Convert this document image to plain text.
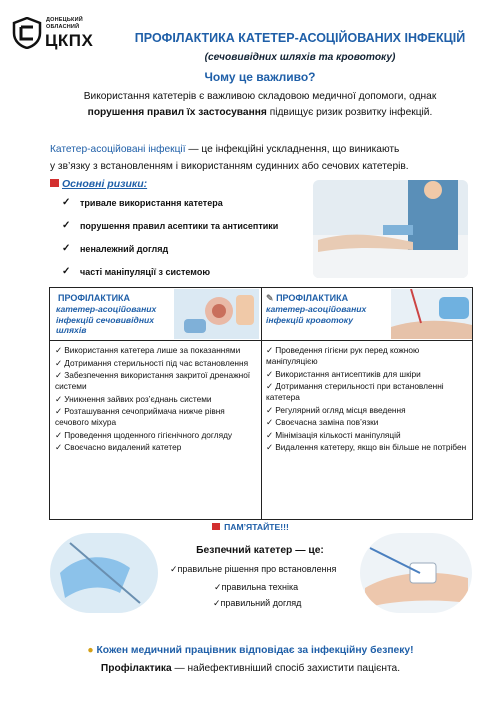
ДОНЕЦЬКИЙ
ОБЛАСНИЙ
ЦКПХ	ПРОФІЛАКТИКА КАТЕТЕР-АСОЦІЙОВАНИХ ІНФЕКЦІЙ
(сечовивідних шляхів та кровотоку)
Чому це важливо?
Використання катетерів є важливою складовою медичної допомоги, однак
порушення правил їх застосування підвищує ризик розвитку інфекцій.
Катетер-асоційовані інфекції — це інфекційні ускладнення, що виникають
у зв’язку з встановленням і використанням судинних або сечових катетерів.
Основні ризики:
✓ тривале використання катетера
✓ порушення правил асептики та антисептики
✓ неналежний догляд
✓ часті маніпуляції з системою
ПРОФІЛАКТИКА
катетер-асоційованих
інфекцій сечовивідних
шляхів
✎ ПРОФІЛАКТИКА
катетер-асоційованих
інфекцій кровотоку
✓ Використання катетера лише за показаннями
✓ Дотримання стерильності під час встановлення
✓ Забезпечення використання закритої дренажної системи
✓ Уникнення зайвих роз’єднань системи
✓ Розташування сечоприймача нижче рівня сечового міхура
✓ Проведення щоденного гігієнічного догляду
✓ Своєчасно видалений катетер
✓ Проведення гігієни рук перед кожною маніпуляцією
✓ Використання антисептиків для шкіри
✓ Дотримання стерильності при встановленні катетера
✓ Регулярний огляд місця введення
✓ Своєчасна заміна пов’язки
✓ Мінімізація кількості маніпуляцій
✓ Видалення катетеру, якщо він більше не потрібен
ПАМ’ЯТАЙТЕ!!!
Безпечний катетер — це:
✓правильне рішення про встановлення
✓правильна техніка
✓правильний догляд
● Кожен медичний працівник відповідає за інфекційну безпеку!
Профілактика — найефективніший спосіб захистити пацієнта.
